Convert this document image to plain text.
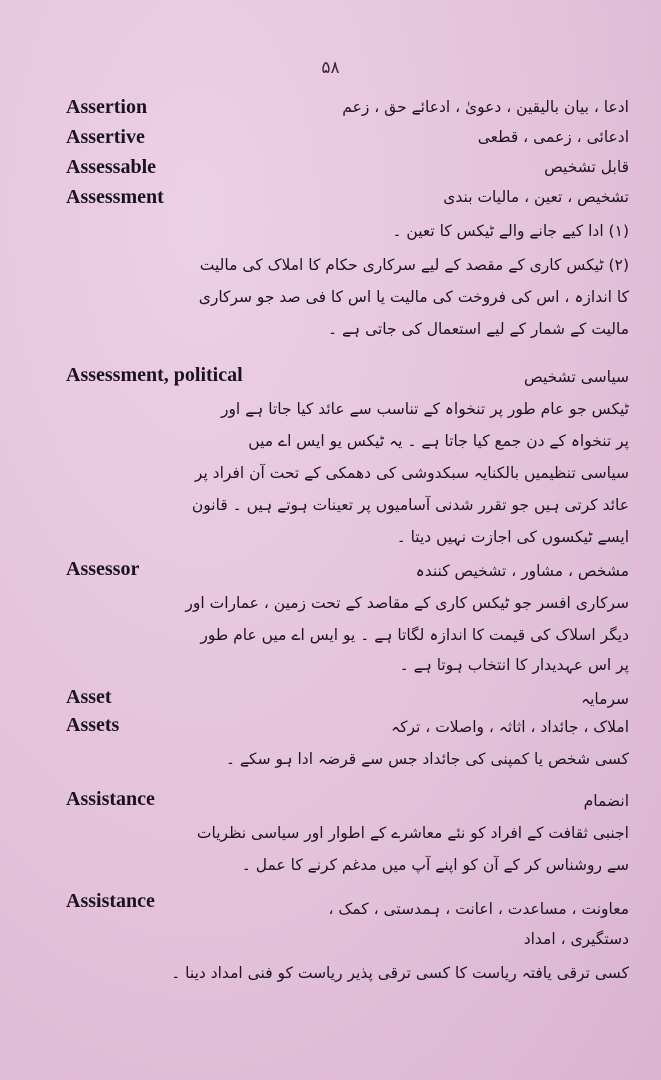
۵۸
Assertion	ادعا ، بیان بالیقین ، دعویٰ ، ادعائے حق ، زعم
Assertive	ادعائی ، زعمی ، قطعی
Assessable	قابل تشخیص
Assessment	تشخیص ، تعین ، مالیات بندی
(۱) ادا کیے جانے والے ٹیکس کا تعین ۔
(۲) ٹیکس کاری کے مقصد کے لیے سرکاری حکام کا املاک کی مالیت
کا اندازہ ، اس کی فروخت کی مالیت یا اس کا فی صد جو سرکاری
مالیت کے شمار کے لیے استعمال کی جاتی ہے ۔
Assessment, political	سیاسی تشخیص
ٹیکس جو عام طور پر تنخواہ کے تناسب سے عائد کیا جاتا ہے اور
پر تنخواہ کے دن جمع کیا جاتا ہے ۔ یہ ٹیکس یو ایس اے میں
سیاسی تنظیمیں بالکنایہ سبکدوشی کی دھمکی کے تحت آن افراد پر
عائد کرتی ہیں جو تقرر شدنی آسامیوں پر تعینات ہوتے ہیں ۔ قانون
ایسے ٹیکسوں کی اجازت نہیں دیتا ۔
Assessor	مشخص ، مشاور ، تشخیص کنندہ
سرکاری افسر جو ٹیکس کاری کے مقاصد کے تحت زمین ، عمارات اور
دیگر اسلاک کی قیمت کا اندازہ لگاتا ہے ۔ یو ایس اے میں عام طور
پر اس عہدیدار کا انتخاب ہوتا ہے ۔
Asset	سرمایہ
Assets	املاک ، جائداد ، اثاثہ ، واصلات ، ترکہ
کسی شخص یا کمپنی کی جائداد جس سے قرضہ ادا ہو سکے ۔
Assistance	انضمام
اجنبی ثقافت کے افراد کو نئے معاشرے کے اطوار اور سیاسی نظریات
سے روشناس کر کے آن کو اپنے آپ میں مدغم کرنے کا عمل ۔
Assistance	معاونت ، مساعدت ، اعانت ، ہمدستی ، کمک ،
دستگیری ، امداد
کسی ترقی یافتہ ریاست کا کسی ترقی پذیر ریاست کو فنی امداد دینا ۔
